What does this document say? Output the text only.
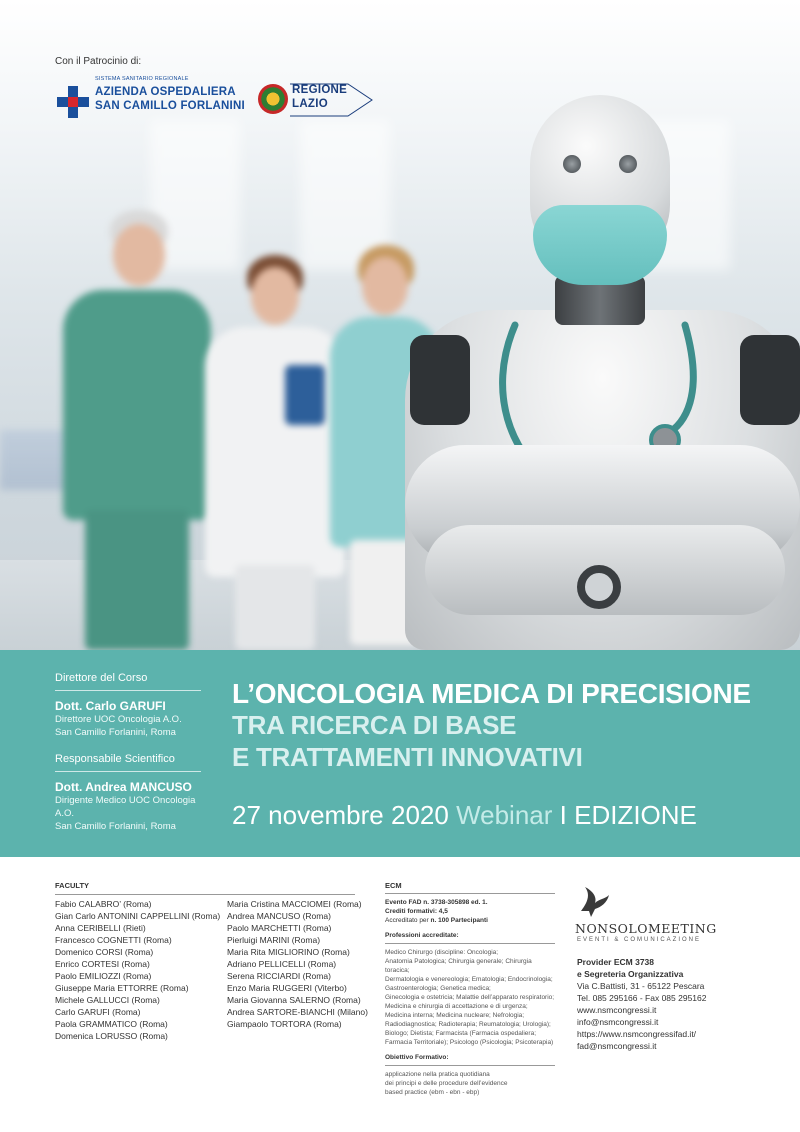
Con il Patrocinio di:
SISTEMA SANITARIO REGIONALE
AZIENDA OSPEDALIERA
SAN CAMILLO FORLANINI
REGIONE
LAZIO
Direttore del Corso
Dott. Carlo GARUFI
Direttore UOC Oncologia A.O.
San Camillo Forlanini, Roma
Responsabile Scientifico
Dott. Andrea MANCUSO
Dirigente Medico UOC Oncologia A.O.
San Camillo Forlanini, Roma
L’ONCOLOGIA MEDICA DI PRECISIONE
TRA RICERCA DI BASE
E TRATTAMENTI INNOVATIVI
27 novembre 2020 Webinar I EDIZIONE
FACULTY
Fabio CALABRO’ (Roma)
Gian Carlo ANTONINI CAPPELLINI (Roma)
Anna CERIBELLI (Rieti)
Francesco COGNETTI (Roma)
Domenico CORSI (Roma)
Enrico CORTESI (Roma)
Paolo EMILIOZZI (Roma)
Giuseppe Maria ETTORRE (Roma)
Michele GALLUCCI (Roma)
Carlo GARUFI (Roma)
Paola GRAMMATICO (Roma)
Domenica LORUSSO (Roma)
Maria Cristina MACCIOMEI (Roma)
Andrea MANCUSO (Roma)
Paolo MARCHETTI (Roma)
Pierluigi MARINI (Roma)
Maria Rita MIGLIORINO (Roma)
Adriano PELLICELLI (Roma)
Serena RICCIARDI (Roma)
Enzo Maria RUGGERI (Viterbo)
Maria Giovanna SALERNO (Roma)
Andrea SARTORE-BIANCHI (Milano)
Giampaolo TORTORA (Roma)
ECM

Evento FAD n. 3738-305898 ed. 1.

Crediti formativi: 4,5

Accreditato per n. 100 Partecipanti

Professioni accreditate:

Medico Chirurgo (discipline: Oncologia;
Anatomia Patologica; Chirurgia generale; Chirurgia toracica;
Dermatologia e venereologia; Ematologia; Endocrinologia;
Gastroenterologia; Genetica medica;
Ginecologia e ostetricia; Malattie dell’apparato respiratorio;
Medicina e chirurgia di accettazione e di urgenza;
Medicina interna; Medicina nucleare; Nefrologia;
Radiodiagnostica; Radioterapia; Reumatologia; Urologia);
Biologo; Dietista; Farmacista (Farmacia ospedaliera;
Farmacia Territoriale); Psicologo (Psicologia; Psicoterapia)

Obiettivo Formativo:

applicazione nella pratica quotidiana
dei principi e delle procedure dell’evidence
based practice (ebm - ebn - ebp)
NONSOLOMEETING
EVENTI & COMUNICAZIONE
Provider ECM 3738
e Segreteria Organizzativa
Via C.Battisti, 31 - 65122 Pescara
Tel. 085 295166 - Fax 085 295162
www.nsmcongressi.it
info@nsmcongressi.it
https://www.nsmcongressifad.it/
fad@nsmcongressi.it
